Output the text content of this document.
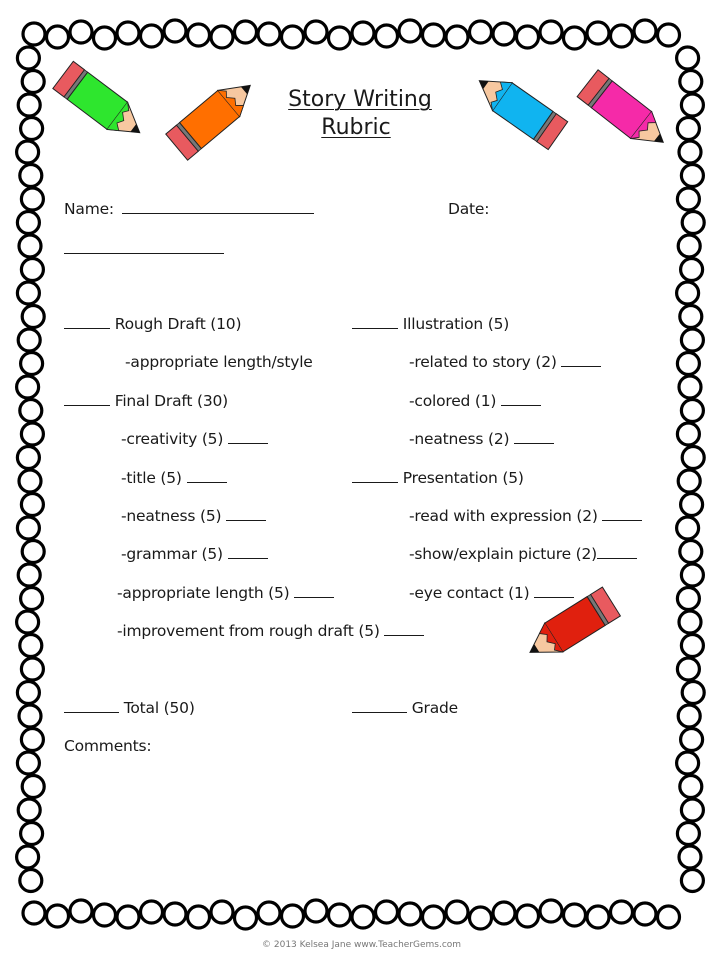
Story Writing
Rubric
Name:	Date:
Rough Draft (10)
-appropriate length/style
Final Draft (30)
-creativity (5)
-title (5)
-neatness (5)
-grammar (5)
-appropriate length (5)
-improvement from rough draft (5)
Illustration (5)
-related to story (2)
-colored (1)
-neatness (2)
Presentation (5)
-read with expression (2)
-show/explain picture (2)
-eye contact (1)
Total (50)	Grade
Comments:
© 2013 Kelsea Jane www.TeacherGems.com
